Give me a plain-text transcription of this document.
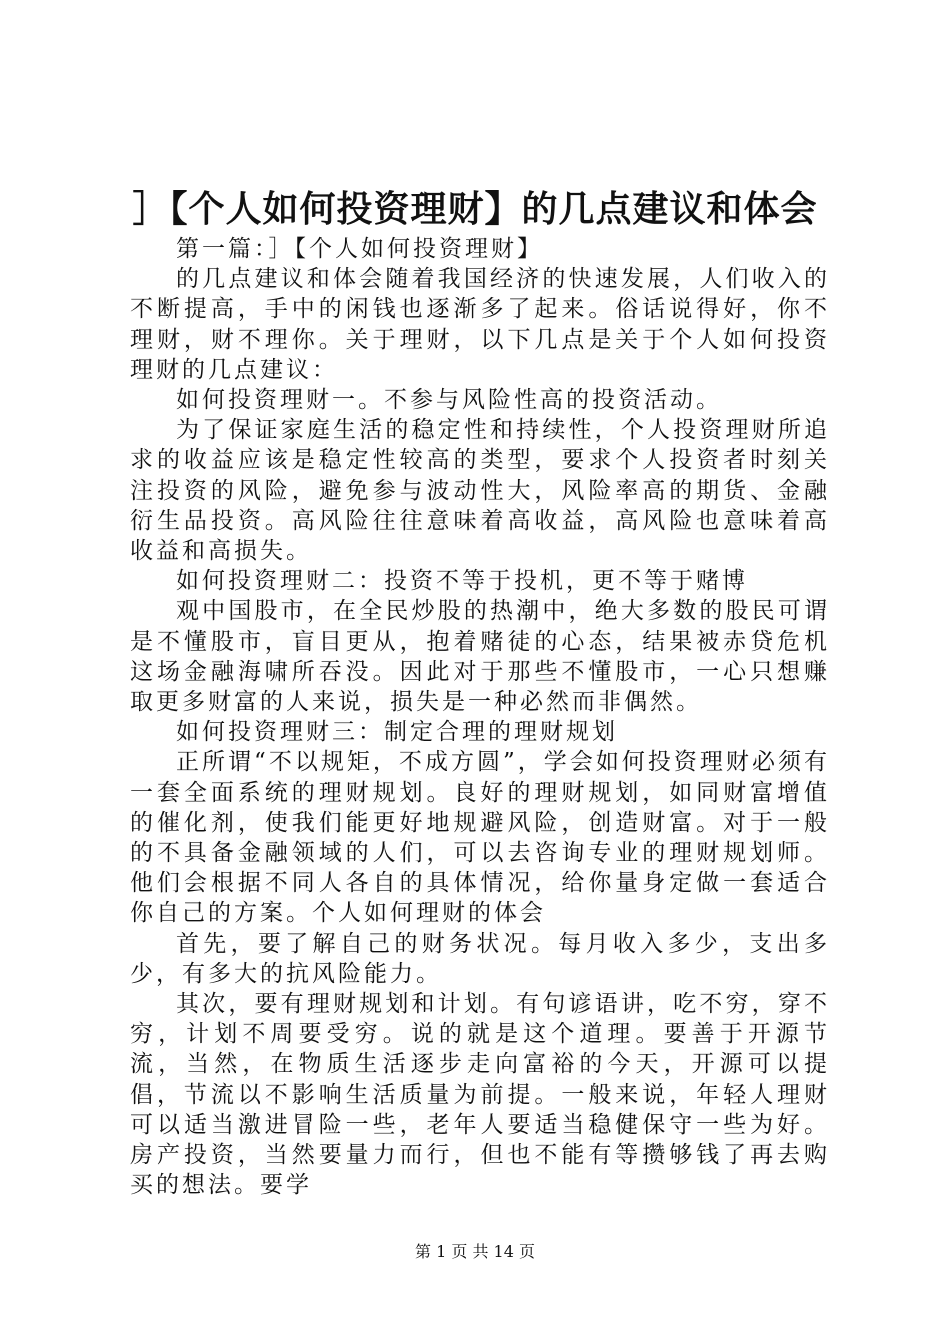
］【个人如何投资理财】的几点建议和体会

第一篇：］【个人如何投资理财】

的几点建议和体会随着我国经济的快速发展，人们收入的不断提高，手中的闲钱也逐渐多了起来。俗话说得好，你不理财，财不理你。关于理财，以下几点是关于个人如何投资理财的几点建议：

如何投资理财一。不参与风险性高的投资活动。

为了保证家庭生活的稳定性和持续性，个人投资理财所追求的收益应该是稳定性较高的类型，要求个人投资者时刻关注投资的风险，避免参与波动性大，风险率高的期货、金融衍生品投资。高风险往往意味着高收益，高风险也意味着高收益和高损失。

如何投资理财二：投资不等于投机，更不等于赌博

观中国股市，在全民炒股的热潮中，绝大多数的股民可谓是不懂股市，盲目更从，抱着赌徒的心态，结果被赤贷危机这场金融海啸所吞没。因此对于那些不懂股市，一心只想赚取更多财富的人来说，损失是一种必然而非偶然。

如何投资理财三：制定合理的理财规划

正所谓“不以规矩，不成方圆”，学会如何投资理财必须有一套全面系统的理财规划。良好的理财规划，如同财富增值的催化剂，使我们能更好地规避风险，创造财富。对于一般的不具备金融领域的人们，可以去咨询专业的理财规划师。他们会根据不同人各自的具体情况，给你量身定做一套适合你自己的方案。个人如何理财的体会

首先，要了解自己的财务状况。每月收入多少，支出多少，有多大的抗风险能力。

其次，要有理财规划和计划。有句谚语讲，吃不穷，穿不穷，计划不周要受穷。说的就是这个道理。要善于开源节流，当然，在物质生活逐步走向富裕的今天，开源可以提倡，节流以不影响生活质量为前提。一般来说，年轻人理财可以适当激进冒险一些，老年人要适当稳健保守一些为好。房产投资，当然要量力而行，但也不能有等攒够钱了再去购买的想法。要学

第 1 页 共 14 页
